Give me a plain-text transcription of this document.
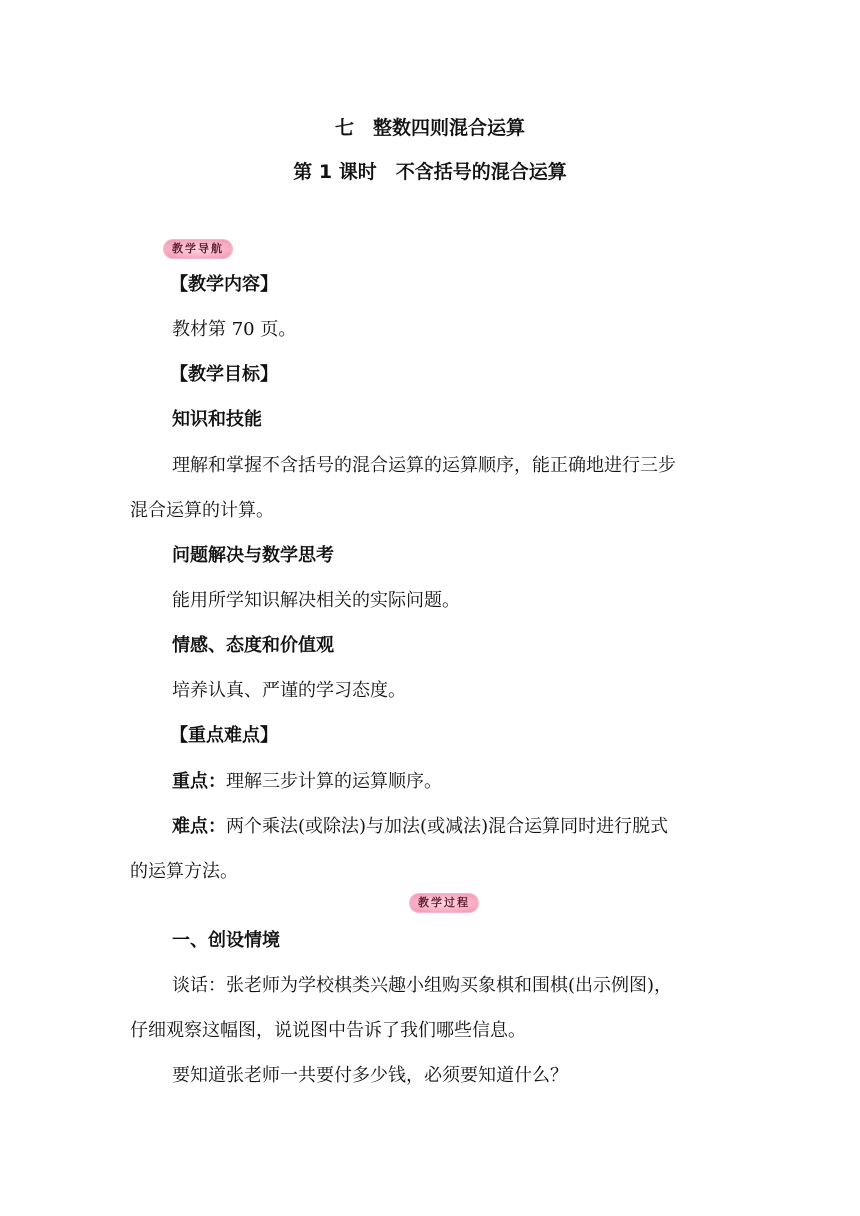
七　整数四则混合运算
第 1 课时　不含括号的混合运算
教学导航
【教学内容】
教材第 70 页。
【教学目标】
知识和技能
理解和掌握不含括号的混合运算的运算顺序，能正确地进行三步
混合运算的计算。
问题解决与数学思考
能用所学知识解决相关的实际问题。
情感、态度和价值观
培养认真、严谨的学习态度。
【重点难点】
重点：理解三步计算的运算顺序。
难点：两个乘法(或除法)与加法(或减法)混合运算同时进行脱式
的运算方法。
教学过程
一、创设情境
谈话：张老师为学校棋类兴趣小组购买象棋和围棋(出示例图)，
仔细观察这幅图，说说图中告诉了我们哪些信息。
要知道张老师一共要付多少钱，必须要知道什么？
